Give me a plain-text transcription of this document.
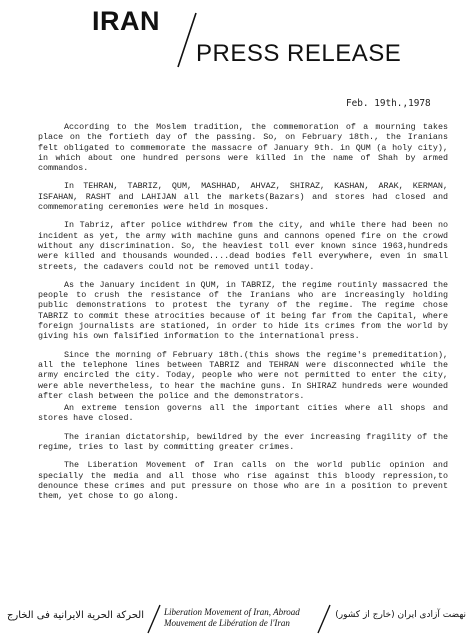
IRAN
PRESS RELEASE
Feb. 19th.,1978

According to the Moslem tradition, the commemoration of a mourning takes place on the fortieth day of the passing. So, on February 18th., the Iranians felt obligated to commemorate the massacre of January 9th. in QUM (a holy city), in which about one hundred persons were killed in the name of Shah by armed commandos.

In TEHRAN, TABRIZ, QUM, MASHHAD, AHVAZ, SHIRAZ, KASHAN, ARAK, KERMAN, ISFAHAN, RASHT and LAHIJAN all the markets(Bazars) and stores had closed and commemorating ceremonies were held in mosques.

In Tabriz, after police withdrew from the city, and while there had been no incident as yet, the army with machine guns and cannons opened fire on the crowd without any discrimination. So, the heaviest toll ever known since 1963,hundreds were killed and thousands wounded....dead bodies fell everywhere, even in small streets, the cadavers could not be removed until today.

As the January incident in QUM, in TABRIZ, the regime routinly massacred the people to crush the resistance of the Iranians who are increasingly holding public demonstrations to protest the tyrany of the regime. The regime chose TABRIZ to commit these atrocities because of it being far from the Capital, where foreign journalists are stationed, in order to hide its crimes from the world by giving his own falsified information to the international press.

Since the morning of February 18th.(this shows the regime's premeditation), all the telephone lines between TABRIZ and TEHRAN were disconnected while the army encircled the city. Today, people who were not permitted to enter the city, were able nevertheless, to hear the machine guns. In SHIRAZ hundreds were wounded after clash between the police and the demonstrators.

An extreme tension governs all the important cities where all shops and stores have closed.

The iranian dictatorship, bewildred by the ever increasing fragility of the regime, tries to last by committing greater crimes.

The Liberation Movement of Iran calls on the world public opinion and specially the media and all those who rise against this bloody repression,to denounce these crimes and put pressure on those who are in a position to prevent them, yet chose to go along.

الحركة الحرية الايرانية فى الخارج Liberation Movement of Iran, Abroad
Mouvement de Libération de l'Iran
نهضت آزادی ایران (خارج از کشور)
